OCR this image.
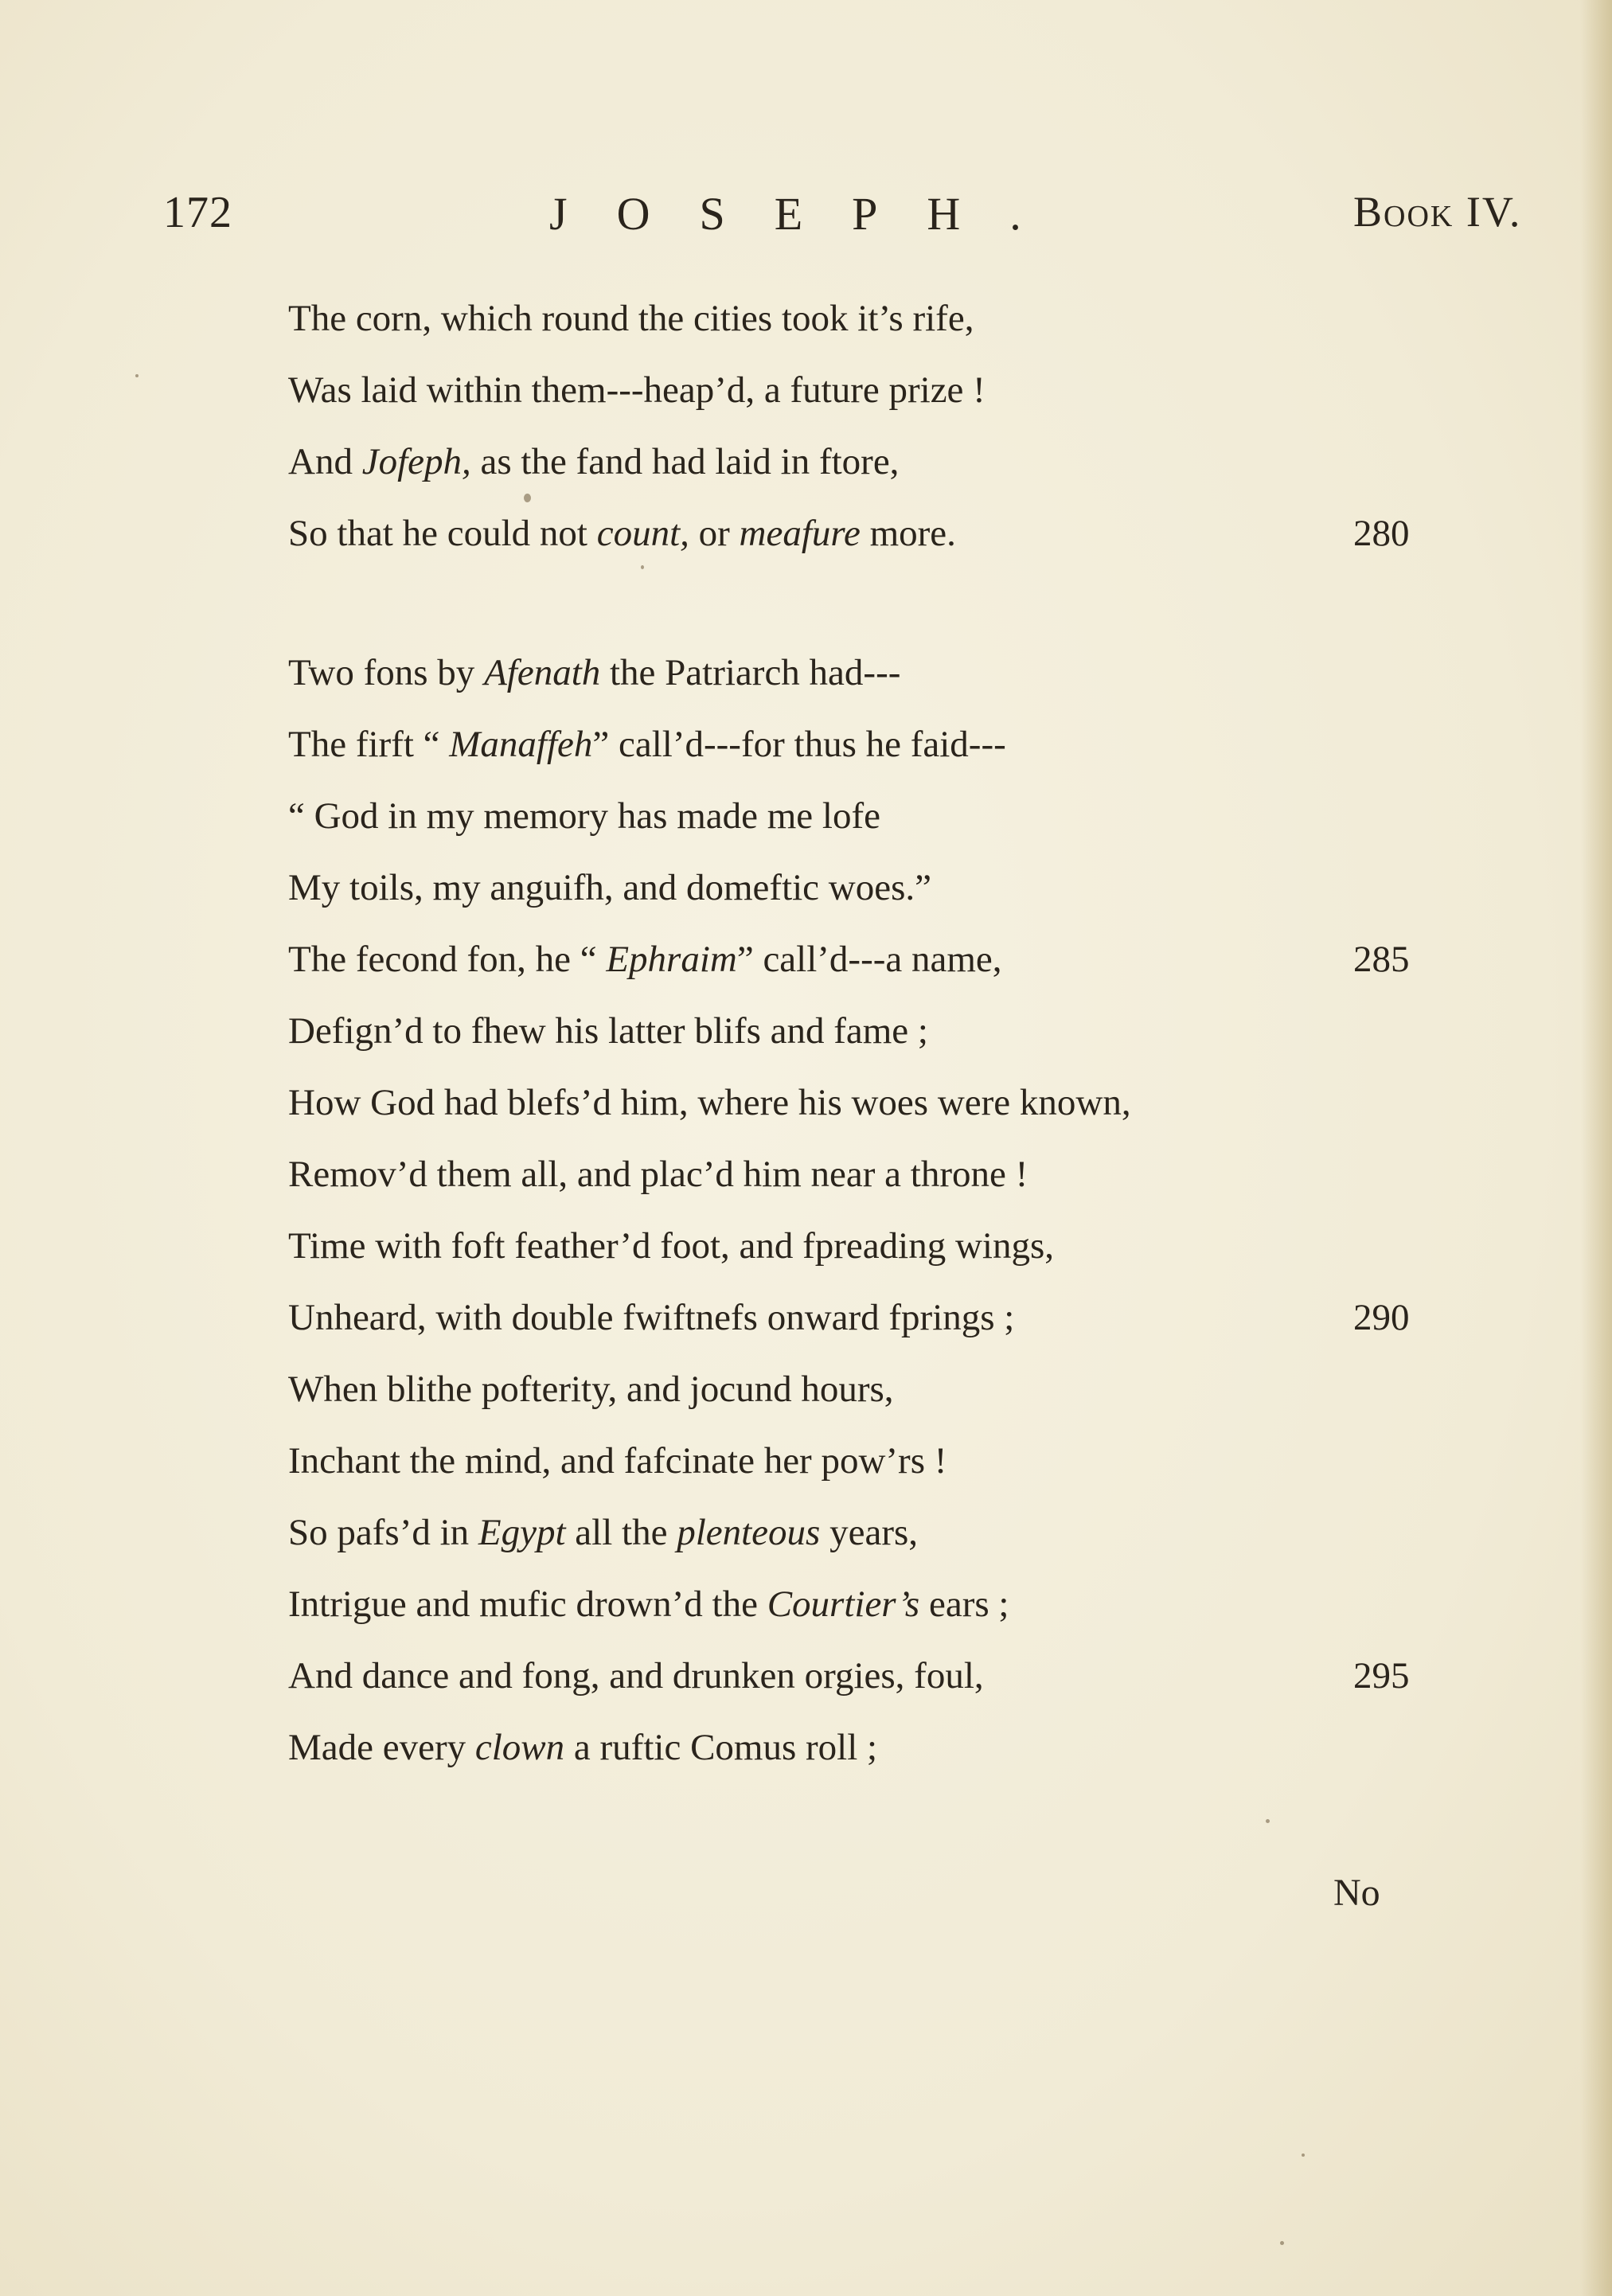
172	JOSEPH.	Book IV.
The corn, which round the cities took it’s rife,
Was laid within them---heap’d, a future prize !
And Jofeph, as the fand had laid in ftore,
So that he could not count, or meafure more.
Two fons by Afenath the Patriarch had---
The firft “ Manaffeh” call’d---for thus he faid---
“ God in my memory has made me lofe
My toils, my anguifh, and domeftic woes.”
The fecond fon, he “ Ephraim” call’d---a name,
Defign’d to fhew his latter blifs and fame ;
How God had blefs’d him, where his woes were known,
Remov’d them all, and plac’d him near a throne !
Time with foft feather’d foot, and fpreading wings,
Unheard, with double fwiftnefs onward fprings ;
When blithe pofterity, and jocund hours,
Inchant the mind, and fafcinate her pow’rs !
So pafs’d in Egypt all the plenteous years,
Intrigue and mufic drown’d the Courtier’s ears ;
And dance and fong, and drunken orgies, foul,
Made every clown a ruftic Comus roll ;
280
285
290
295
No
